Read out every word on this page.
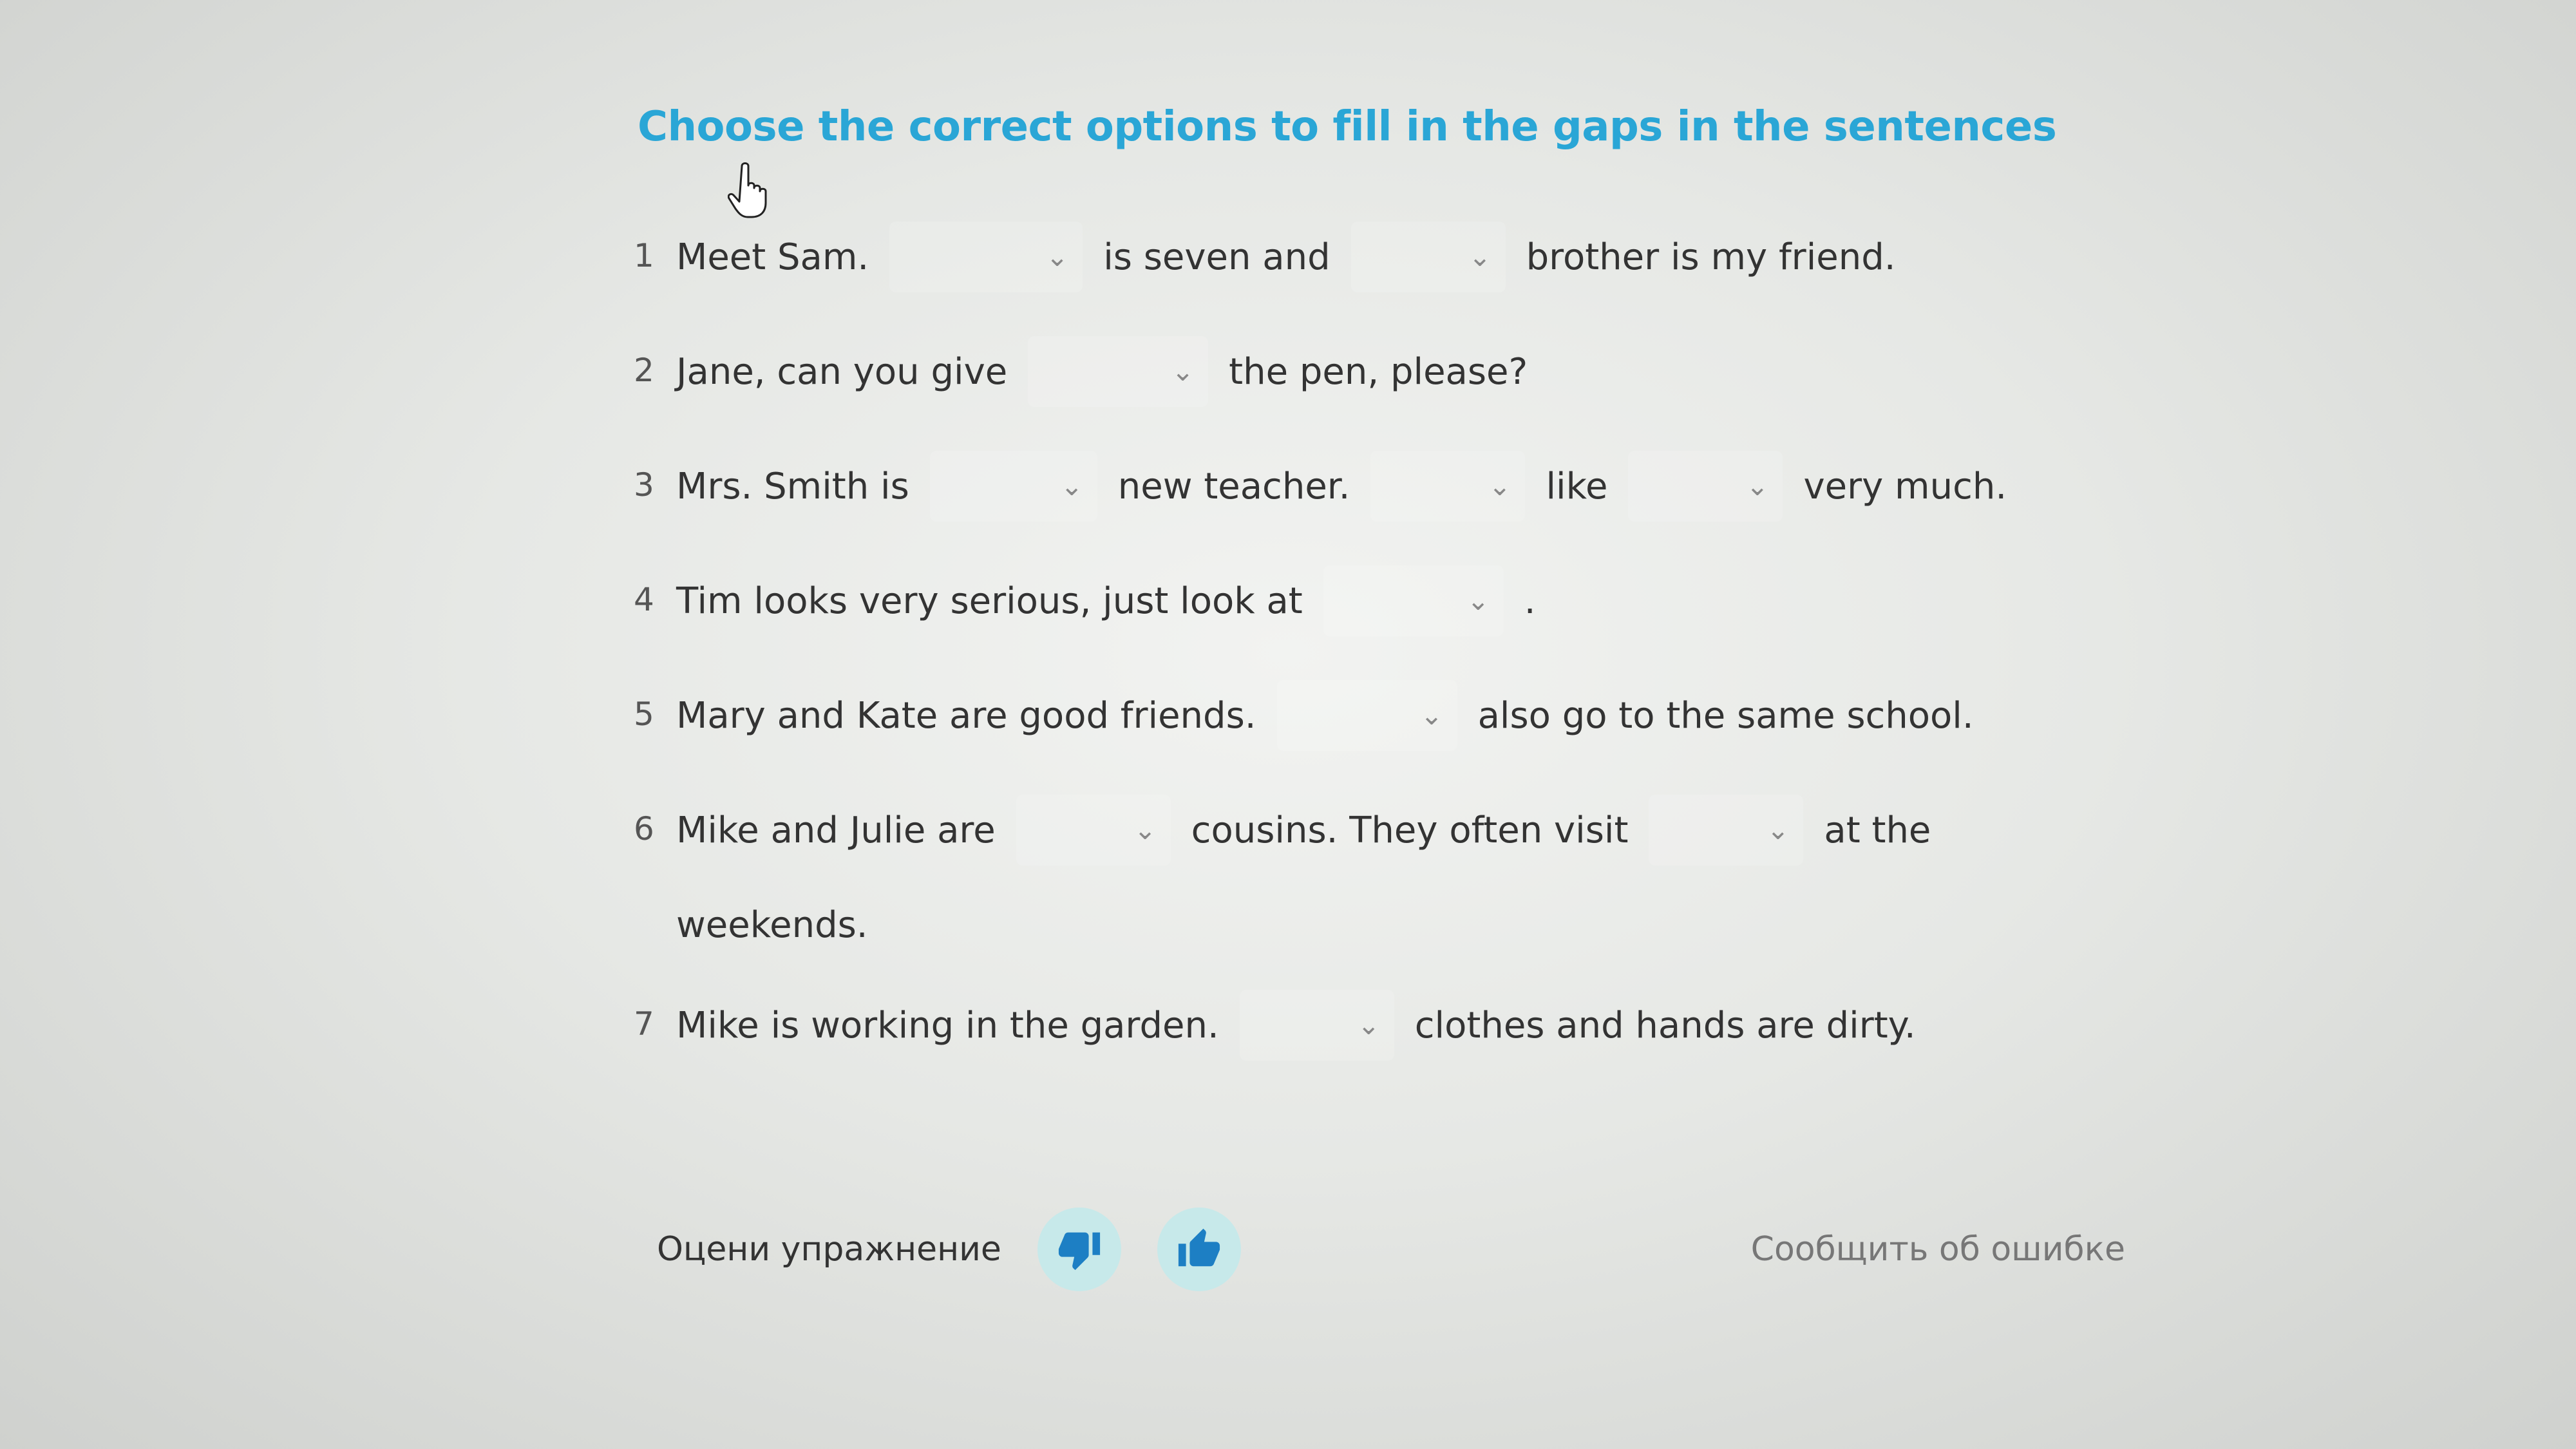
Choose the correct options to fill in the gaps in the sentences
1 Meet Sam.	⌄ is seven and	⌄ brother is my friend.
2 Jane, can you give	⌄ the pen, please?
3 Mrs. Smith is	⌄ new teacher.	⌄ like	⌄ very much.
4 Tim looks very serious, just look at	⌄ .
5 Mary and Kate are good friends.	⌄ also go to the same school.
6 Mike and Julie are	⌄ cousins. They often visit	⌄ at the
weekends.
7 Mike is working in the garden.	⌄ clothes and hands are dirty.
Оцени упражнение	Сообщить об ошибке
